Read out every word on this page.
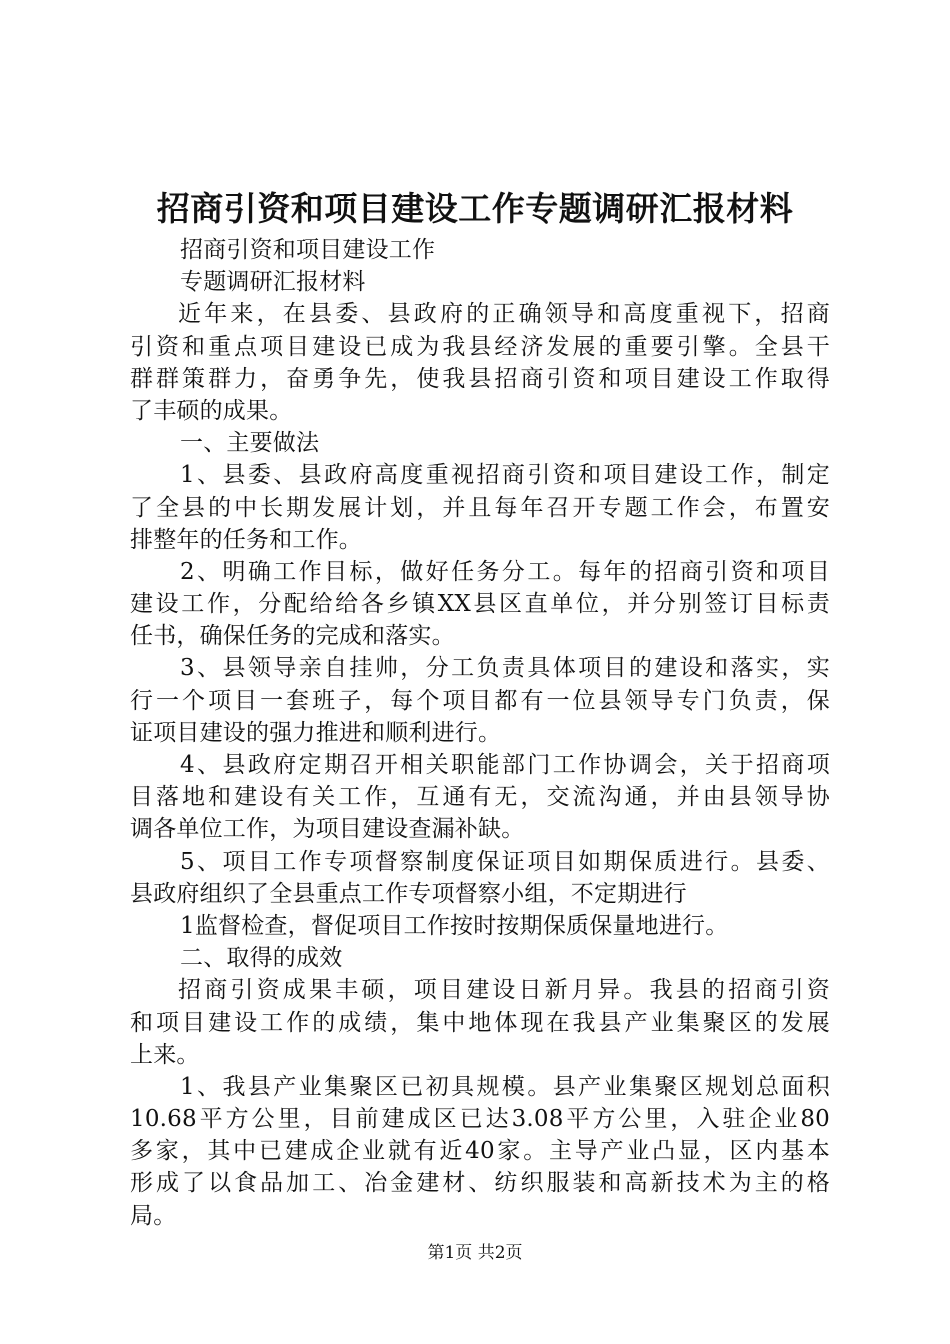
招商引资和项目建设工作专题调研汇报材料
招商引资和项目建设工作
专题调研汇报材料
近年来，在县委、县政府的正确领导和高度重视下，招商
引资和重点项目建设已成为我县经济发展的重要引擎。全县干
群群策群力，奋勇争先，使我县招商引资和项目建设工作取得
了丰硕的成果。
一、主要做法
1、县委、县政府高度重视招商引资和项目建设工作，制定
了全县的中长期发展计划，并且每年召开专题工作会，布置安
排整年的任务和工作。
2、明确工作目标，做好任务分工。每年的招商引资和项目
建设工作，分配给给各乡镇XX县区直单位，并分别签订目标责
任书，确保任务的完成和落实。
3、县领导亲自挂帅，分工负责具体项目的建设和落实，实
行一个项目一套班子，每个项目都有一位县领导专门负责，保
证项目建设的强力推进和顺利进行。
4、县政府定期召开相关职能部门工作协调会，关于招商项
目落地和建设有关工作，互通有无，交流沟通，并由县领导协
调各单位工作，为项目建设查漏补缺。
5、项目工作专项督察制度保证项目如期保质进行。县委、
县政府组织了全县重点工作专项督察小组，不定期进行
1监督检查，督促项目工作按时按期保质保量地进行。
二、取得的成效
招商引资成果丰硕，项目建设日新月异。我县的招商引资
和项目建设工作的成绩，集中地体现在我县产业集聚区的发展
上来。
1、我县产业集聚区已初具规模。县产业集聚区规划总面积
10.68平方公里，目前建成区已达3.08平方公里，入驻企业80
多家，其中已建成企业就有近40家。主导产业凸显，区内基本
形成了以食品加工、冶金建材、纺织服装和高新技术为主的格
局。
第1页 共2页
